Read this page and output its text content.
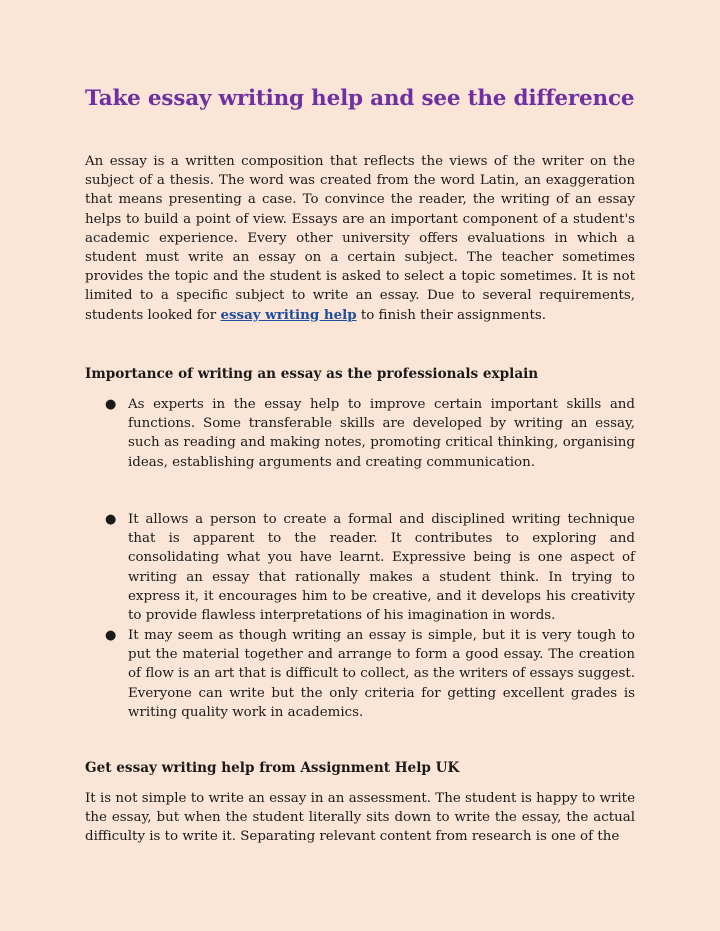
Take essay writing help and see the difference

An essay is a written composition that reflects the views of the writer on the subject of a thesis. The word was created from the word Latin, an exaggeration that means presenting a case. To convince the reader, the writing of an essay helps to build a point of view. Essays are an important component of a student's academic experience. Every other university offers evaluations in which a student must write an essay on a certain subject. The teacher sometimes provides the topic and the student is asked to select a topic sometimes. It is not limited to a specific subject to write an essay. Due to several requirements, students looked for essay writing help to finish their assignments.

Importance of writing an essay as the professionals explain
● As experts in the essay help to improve certain important skills and functions. Some transferable skills are developed by writing an essay, such as reading and making notes, promoting critical thinking, organising ideas, establishing arguments and creating communication.
● It allows a person to create a formal and disciplined writing technique that is apparent to the reader. It contributes to exploring and consolidating what you have learnt. Expressive being is one aspect of writing an essay that rationally makes a student think. In trying to express it, it encourages him to be creative, and it develops his creativity to provide flawless interpretations of his imagination in words.
● It may seem as though writing an essay is simple, but it is very tough to put the material together and arrange to form a good essay. The creation of flow is an art that is difficult to collect, as the writers of essays suggest. Everyone can write but the only criteria for getting excellent grades is writing quality work in academics.
Get essay writing help from Assignment Help UK

It is not simple to write an essay in an assessment. The student is happy to write the essay, but when the student literally sits down to write the essay, the actual difficulty is to write it. Separating relevant content from research is one of the
